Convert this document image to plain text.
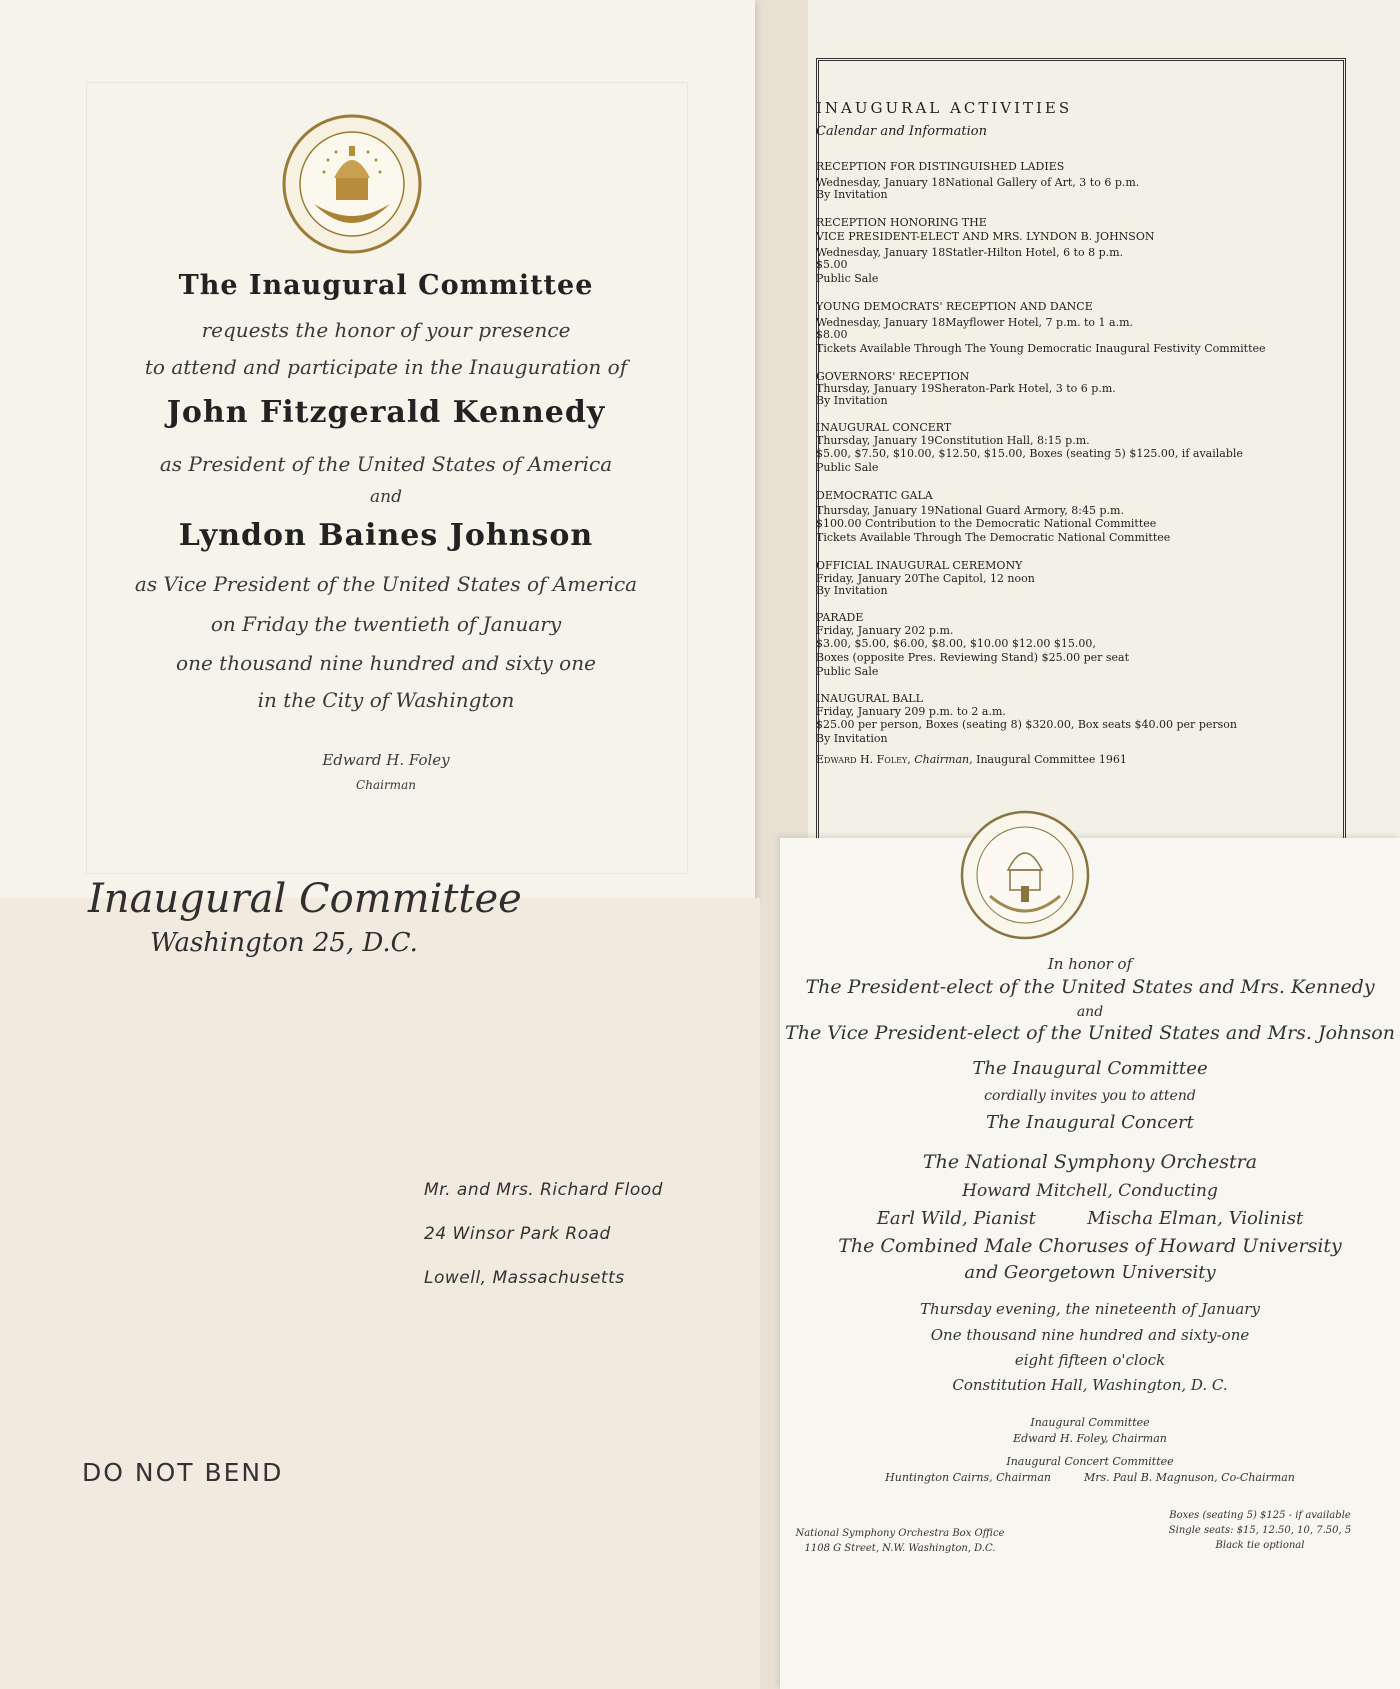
The Inaugural Committee
requests the honor of your presence
to attend and participate in the Inauguration of
John Fitzgerald Kennedy
as President of the United States of America
and
Lyndon Baines Johnson
as Vice President of the United States of America
on Friday the twentieth of January
one thousand nine hundred and sixty one
in the City of Washington
Edward H. Foley
Chairman
INAUGURAL ACTIVITIES
Calendar and Information
RECEPTION FOR DISTINGUISHED LADIES
Wednesday, January 18National Gallery of Art, 3 to 6 p.m.
By Invitation
RECEPTION HONORING THE
VICE PRESIDENT-ELECT AND MRS. LYNDON B. JOHNSON
Wednesday, January 18Statler-Hilton Hotel, 6 to 8 p.m.
$5.00
Public Sale
YOUNG DEMOCRATS' RECEPTION AND DANCE
Wednesday, January 18Mayflower Hotel, 7 p.m. to 1 a.m.
$8.00
Tickets Available Through The Young Democratic Inaugural Festivity Committee
GOVERNORS' RECEPTION
Thursday, January 19Sheraton-Park Hotel, 3 to 6 p.m.
By Invitation
INAUGURAL CONCERT
Thursday, January 19Constitution Hall, 8:15 p.m.
$5.00, $7.50, $10.00, $12.50, $15.00, Boxes (seating 5) $125.00, if available
Public Sale
DEMOCRATIC GALA
Thursday, January 19National Guard Armory, 8:45 p.m.
$100.00 Contribution to the Democratic National Committee
Tickets Available Through The Democratic National Committee
OFFICIAL INAUGURAL CEREMONY
Friday, January 20The Capitol, 12 noon
By Invitation
PARADE
Friday, January 202 p.m.
$3.00, $5.00, $6.00, $8.00, $10.00 $12.00 $15.00,
Boxes (opposite Pres. Reviewing Stand) $25.00 per seat
Public Sale
INAUGURAL BALL
Friday, January 209 p.m. to 2 a.m.
$25.00 per person, Boxes (seating 8) $320.00, Box seats $40.00 per person
By Invitation
Edward H. Foley, Chairman, Inaugural Committee 1961
Inaugural Committee
Washington 25, D.C.
Mr. and Mrs. Richard Flood
24 Winsor Park Road
Lowell, Massachusetts
DO NOT BEND
In honor of
The President-elect of the United States and Mrs. Kennedy
and
The Vice President-elect of the United States and Mrs. Johnson
The Inaugural Committee
cordially invites you to attend
The Inaugural Concert
The National Symphony Orchestra
Howard Mitchell, Conducting
Earl Wild, Pianist	Mischa Elman, Violinist
The Combined Male Choruses of Howard University
and Georgetown University
Thursday evening, the nineteenth of January
One thousand nine hundred and sixty-one
eight fifteen o'clock
Constitution Hall, Washington, D. C.
Inaugural Committee
Edward H. Foley, Chairman
Inaugural Concert Committee
Huntington Cairns, Chairman	Mrs. Paul B. Magnuson, Co-Chairman
National Symphony Orchestra Box Office
1108 G Street, N.W. Washington, D.C.
Boxes (seating 5) $125 - if available
Single seats: $15, 12.50, 10, 7.50, 5
Black tie optional
